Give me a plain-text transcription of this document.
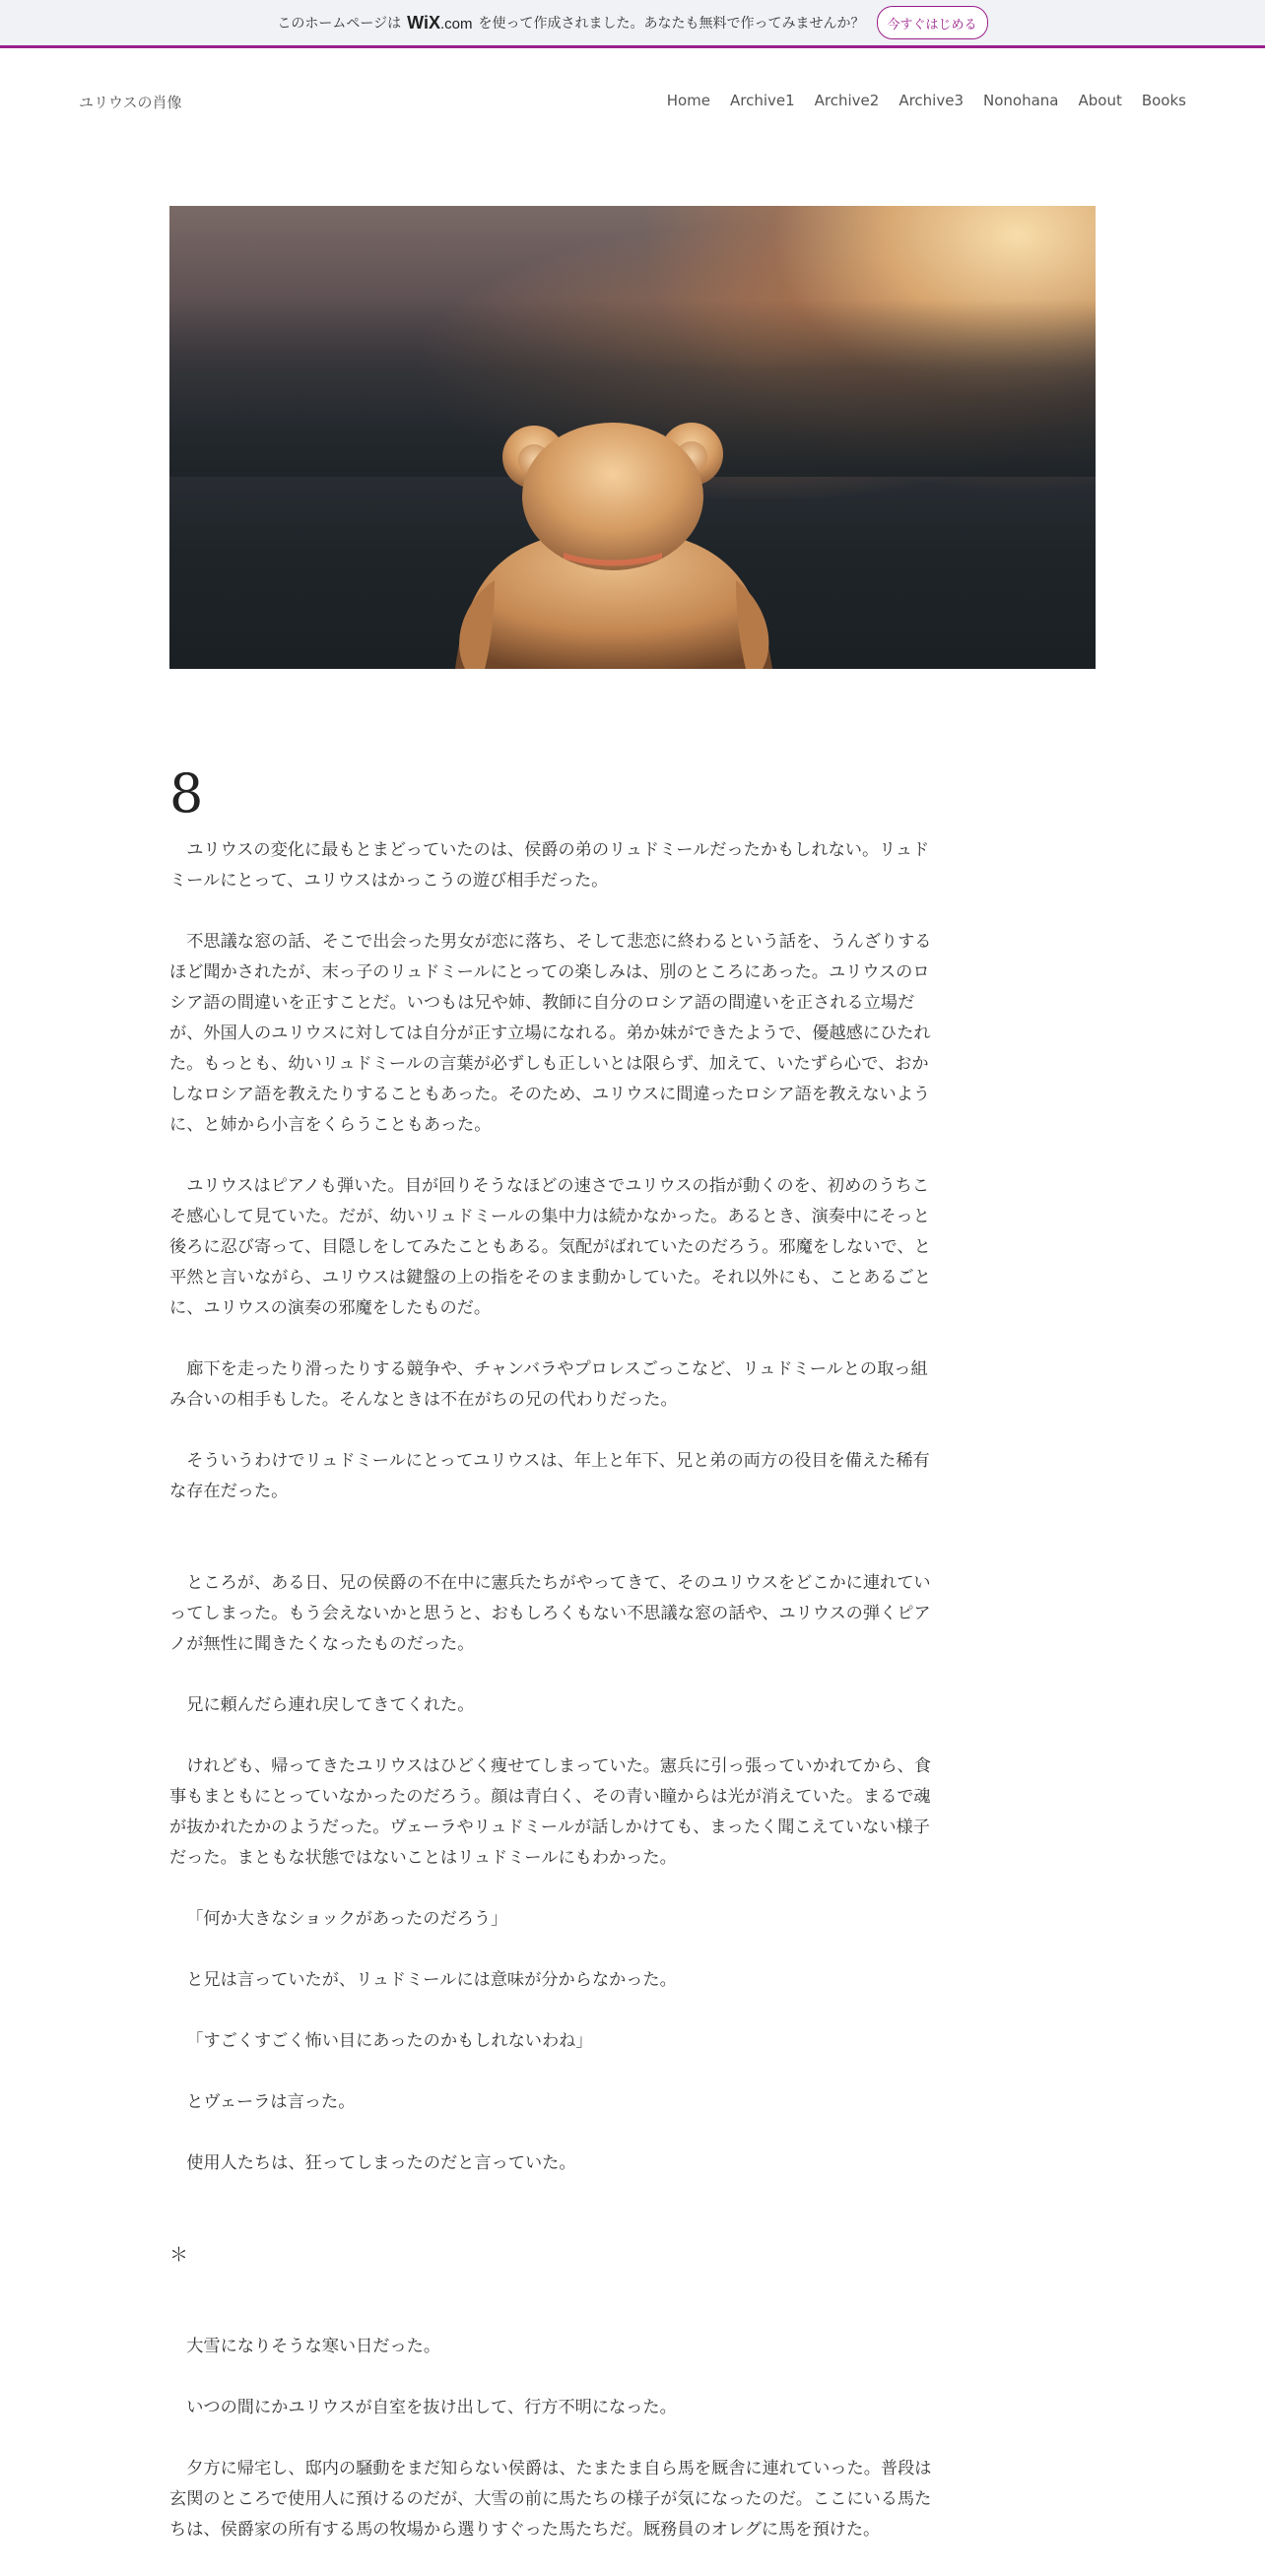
このホームページは WiX.com を使って作成されました。あなたも無料で作ってみませんか？	今すぐはじめる
ユリウスの肖像	Home Archive1 Archive2 Archive3 Nonohana About Books
8

ユリウスの変化に最もとまどっていたのは、侯爵の弟のリュドミールだったかもしれない。リュドミールにとって、ユリウスはかっこうの遊び相手だった。

不思議な窓の話、そこで出会った男女が恋に落ち、そして悲恋に終わるという話を、うんざりするほど聞かされたが、末っ子のリュドミールにとっての楽しみは、別のところにあった。ユリウスのロシア語の間違いを正すことだ。いつもは兄や姉、教師に自分のロシア語の間違いを正される立場だが、外国人のユリウスに対しては自分が正す立場になれる。弟か妹ができたようで、優越感にひたれた。もっとも、幼いリュドミールの言葉が必ずしも正しいとは限らず、加えて、いたずら心で、おかしなロシア語を教えたりすることもあった。そのため、ユリウスに間違ったロシア語を教えないように、と姉から小言をくらうこともあった。

ユリウスはピアノも弾いた。目が回りそうなほどの速さでユリウスの指が動くのを、初めのうちこそ感心して見ていた。だが、幼いリュドミールの集中力は続かなかった。あるとき、演奏中にそっと後ろに忍び寄って、目隠しをしてみたこともある。気配がばれていたのだろう。邪魔をしないで、と平然と言いながら、ユリウスは鍵盤の上の指をそのまま動かしていた。それ以外にも、ことあるごとに、ユリウスの演奏の邪魔をしたものだ。

廊下を走ったり滑ったりする競争や、チャンバラやプロレスごっこなど、リュドミールとの取っ組み合いの相手もした。そんなときは不在がちの兄の代わりだった。

そういうわけでリュドミールにとってユリウスは、年上と年下、兄と弟の両方の役目を備えた稀有な存在だった。

ところが、ある日、兄の侯爵の不在中に憲兵たちがやってきて、そのユリウスをどこかに連れていってしまった。もう会えないかと思うと、おもしろくもない不思議な窓の話や、ユリウスの弾くピアノが無性に聞きたくなったものだった。

兄に頼んだら連れ戻してきてくれた。

けれども、帰ってきたユリウスはひどく痩せてしまっていた。憲兵に引っ張っていかれてから、食事もまともにとっていなかったのだろう。顔は青白く、その青い瞳からは光が消えていた。まるで魂が抜かれたかのようだった。ヴェーラやリュドミールが話しかけても、まったく聞こえていない様子だった。まともな状態ではないことはリュドミールにもわかった。

「何か大きなショックがあったのだろう」

と兄は言っていたが、リュドミールには意味が分からなかった。

「すごくすごく怖い目にあったのかもしれないわね」

とヴェーラは言った。

使用人たちは、狂ってしまったのだと言っていた。

＊

大雪になりそうな寒い日だった。

いつの間にかユリウスが自室を抜け出して、行方不明になった。

夕方に帰宅し、邸内の騒動をまだ知らない侯爵は、たまたま自ら馬を厩舎に連れていった。普段は玄関のところで使用人に預けるのだが、大雪の前に馬たちの様子が気になったのだ。ここにいる馬たちは、侯爵家の所有する馬の牧場から選りすぐった馬たちだ。厩務員のオレグに馬を預けた。
